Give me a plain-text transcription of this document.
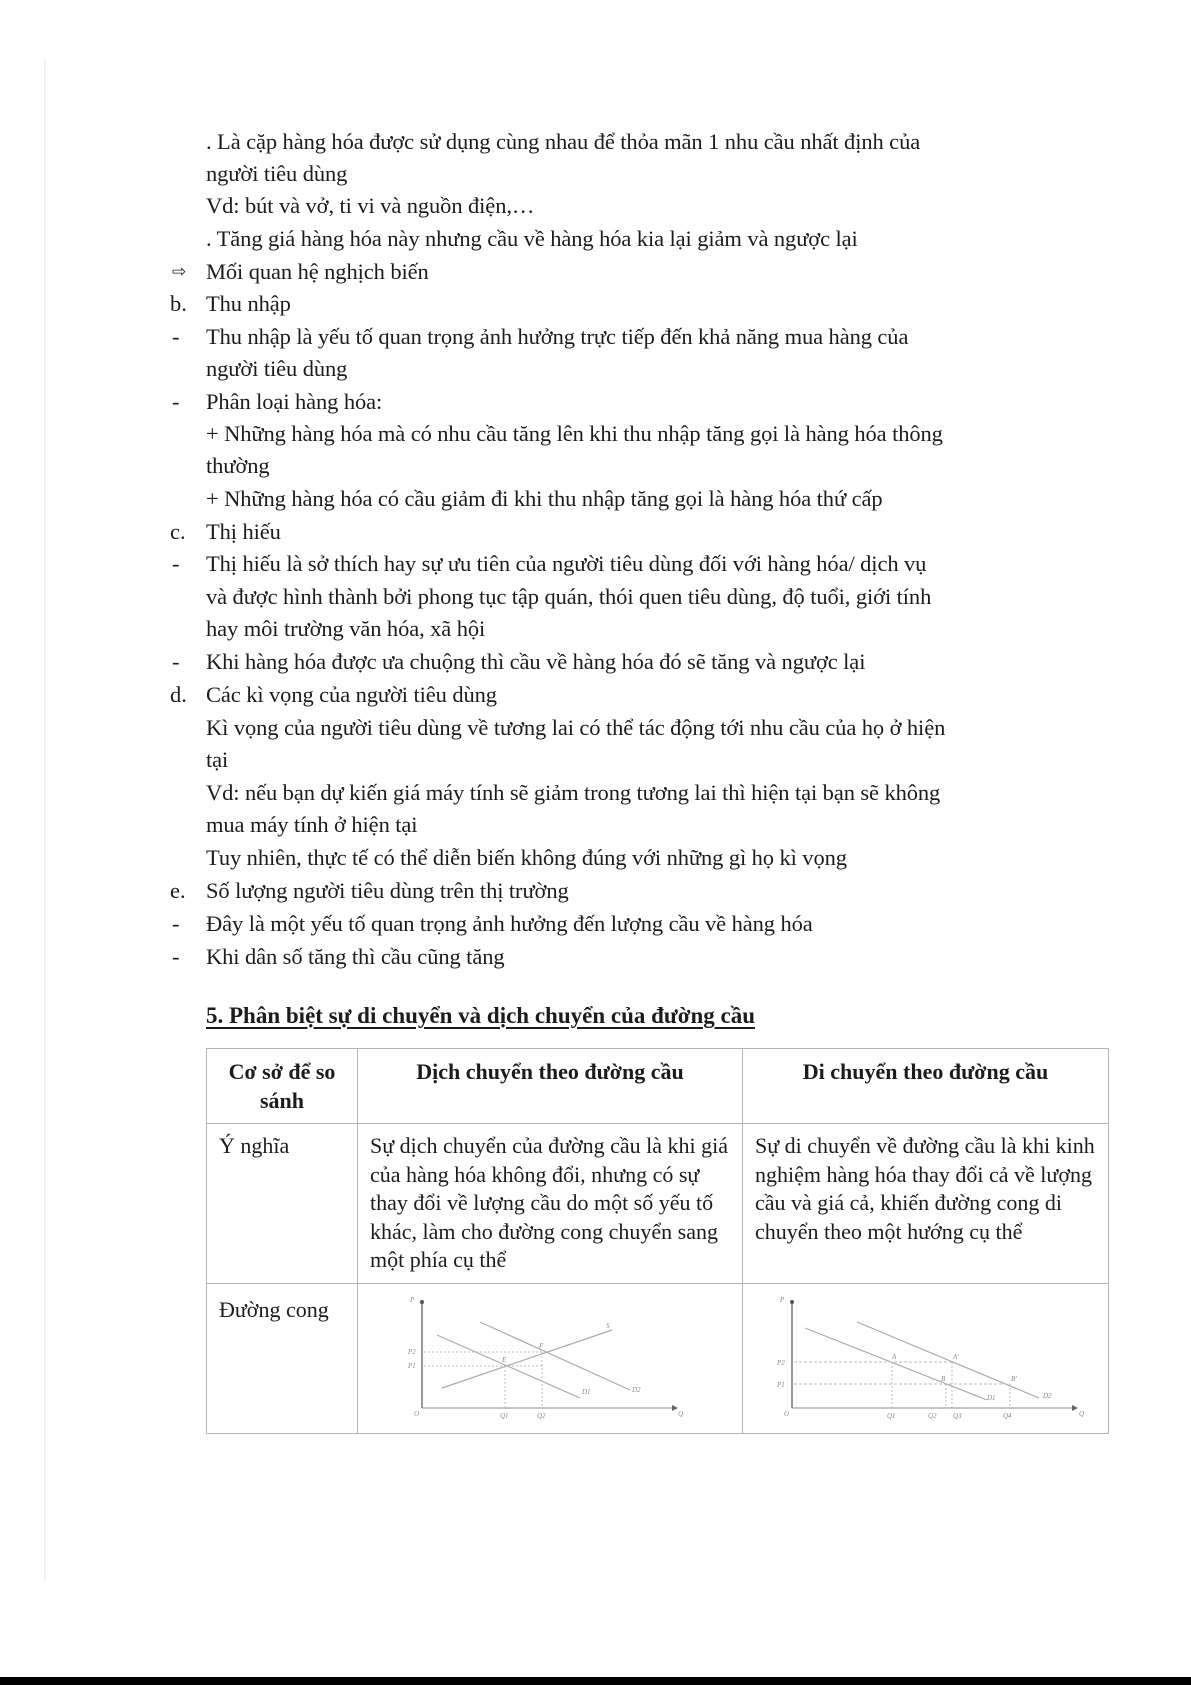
. Là cặp hàng hóa được sử dụng cùng nhau để thỏa mãn 1 nhu cầu nhất định của
người tiêu dùng
Vd: bút và vở, ti vi và nguồn điện,…
. Tăng giá hàng hóa này nhưng cầu về hàng hóa kia lại giảm và ngược lại
⇨ Mối quan hệ nghịch biến
b. Thu nhập
- Thu nhập là yếu tố quan trọng ảnh hưởng trực tiếp đến khả năng mua hàng của
người tiêu dùng
- Phân loại hàng hóa:
+ Những hàng hóa mà có nhu cầu tăng lên khi thu nhập tăng gọi là hàng hóa thông
thường
+ Những hàng hóa có cầu giảm đi khi thu nhập tăng gọi là hàng hóa thứ cấp
c. Thị hiếu
- Thị hiếu là sở thích hay sự ưu tiên của người tiêu dùng đối với hàng hóa/ dịch vụ
và được hình thành bởi phong tục tập quán, thói quen tiêu dùng, độ tuổi, giới tính
hay môi trường văn hóa, xã hội
- Khi hàng hóa được ưa chuộng thì cầu về hàng hóa đó sẽ tăng và ngược lại
d. Các kì vọng của người tiêu dùng
Kì vọng của người tiêu dùng về tương lai có thể tác động tới nhu cầu của họ ở hiện
tại
Vd: nếu bạn dự kiến giá máy tính sẽ giảm trong tương lai thì hiện tại bạn sẽ không
mua máy tính ở hiện tại
Tuy nhiên, thực tế có thể diễn biến không đúng với những gì họ kì vọng
e. Số lượng người tiêu dùng trên thị trường
- Đây là một yếu tố quan trọng ảnh hưởng đến lượng cầu về hàng hóa
- Khi dân số tăng thì cầu cũng tăng
5. Phân biệt sự di chuyển và dịch chuyển của đường cầu
Cơ sở để so sánh	Dịch chuyển theo đường cầu	Di chuyển theo đường cầu
Ý nghĩa	Sự dịch chuyển của đường cầu là khi giá của hàng hóa không đổi, nhưng có sự thay đổi về lượng cầu do một số yếu tố khác, làm cho đường cong chuyển sang một phía cụ thể	Sự di chuyển về đường cầu là khi kinh nghiệm hàng hóa thay đổi cả về lượng cầu và giá cả, khiến đường cong di chuyển theo một hướng cụ thể
Đường cong	P
Q
O
P2
P1
Q1	Q2
E
F
S
D1	D2

P
Q
O
P2
P1
Q1	Q2 Q3	Q4
A	A'
B	B'
D1	D2
